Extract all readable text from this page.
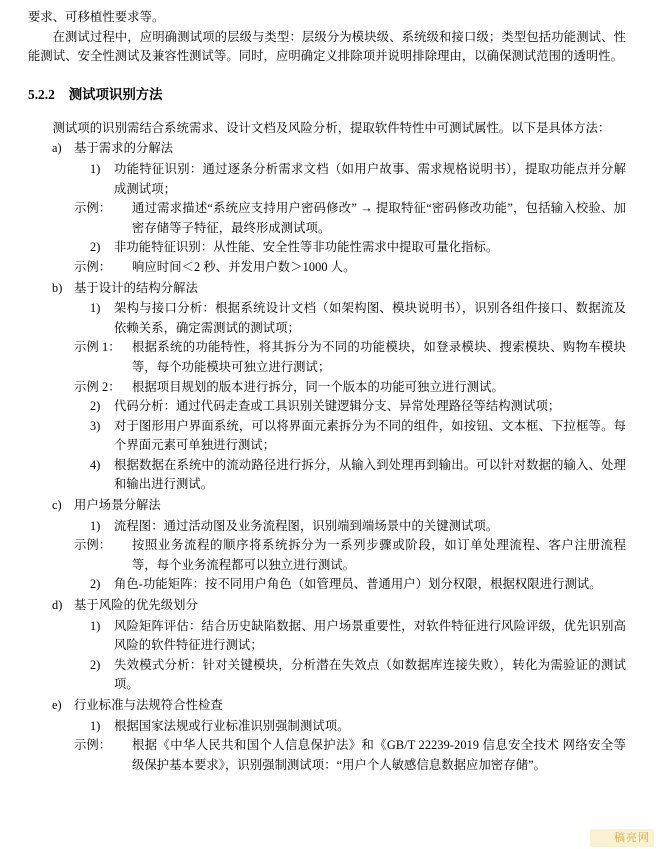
要求、可移植性要求等。

在测试过程中，应明确测试项的层级与类型：层级分为模块级、系统级和接口级；类型包括功能测试、性能测试、安全性测试及兼容性测试等。同时，应明确定义排除项并说明排除理由，以确保测试范围的透明性。

5.2.2 测试项识别方法

测试项的识别需结合系统需求、设计文档及风险分析，提取软件特性中可测试属性。以下是具体方法：

a) 基于需求的分解法
1)	功能特征识别：通过逐条分析需求文档（如用户故事、需求规格说明书），提取功能点并分解成测试项；
示例： 通过需求描述“系统应支持用户密码修改” → 提取特征“密码修改功能”，包括输入校验、加密存储等子特征，最终形成测试项。
2)	非功能特征识别：从性能、安全性等非功能性需求中提取可量化指标。
示例： 响应时间＜2 秒、并发用户数＞1000 人。
b) 基于设计的结构分解法
1)	架构与接口分析：根据系统设计文档（如架构图、模块说明书），识别各组件接口、数据流及依赖关系，确定需测试的测试项；
示例 1： 根据系统的功能特性，将其拆分为不同的功能模块，如登录模块、搜索模块、购物车模块等，每个功能模块可独立进行测试；
示例 2： 根据项目规划的版本进行拆分，同一个版本的功能可独立进行测试。
2)	代码分析：通过代码走查或工具识别关键逻辑分支、异常处理路径等结构测试项；
3)	对于图形用户界面系统，可以将界面元素拆分为不同的组件，如按钮、文本框、下拉框等。每个界面元素可单独进行测试；
4)	根据数据在系统中的流动路径进行拆分，从输入到处理再到输出。可以针对数据的输入、处理和输出进行测试。
c) 用户场景分解法
1)	流程图：通过活动图及业务流程图，识别端到端场景中的关键测试项。
示例： 按照业务流程的顺序将系统拆分为一系列步骤或阶段，如订单处理流程、客户注册流程等，每个业务流程都可以独立进行测试。
2)	角色-功能矩阵：按不同用户角色（如管理员、普通用户）划分权限，根据权限进行测试。
d) 基于风险的优先级划分
1)	风险矩阵评估：结合历史缺陷数据、用户场景重要性，对软件特征进行风险评级，优先识别高风险的软件特征进行测试；
2)	失效模式分析：针对关键模块，分析潜在失效点（如数据库连接失败），转化为需验证的测试项。
e) 行业标准与法规符合性检查
1)	根据国家法规或行业标准识别强制测试项。
示例： 根据《中华人民共和国个人信息保护法》和《GB/T 22239-2019 信息安全技术 网络安全等级保护基本要求》，识别强制测试项：“用户个人敏感信息数据应加密存储”。
稿亮网
